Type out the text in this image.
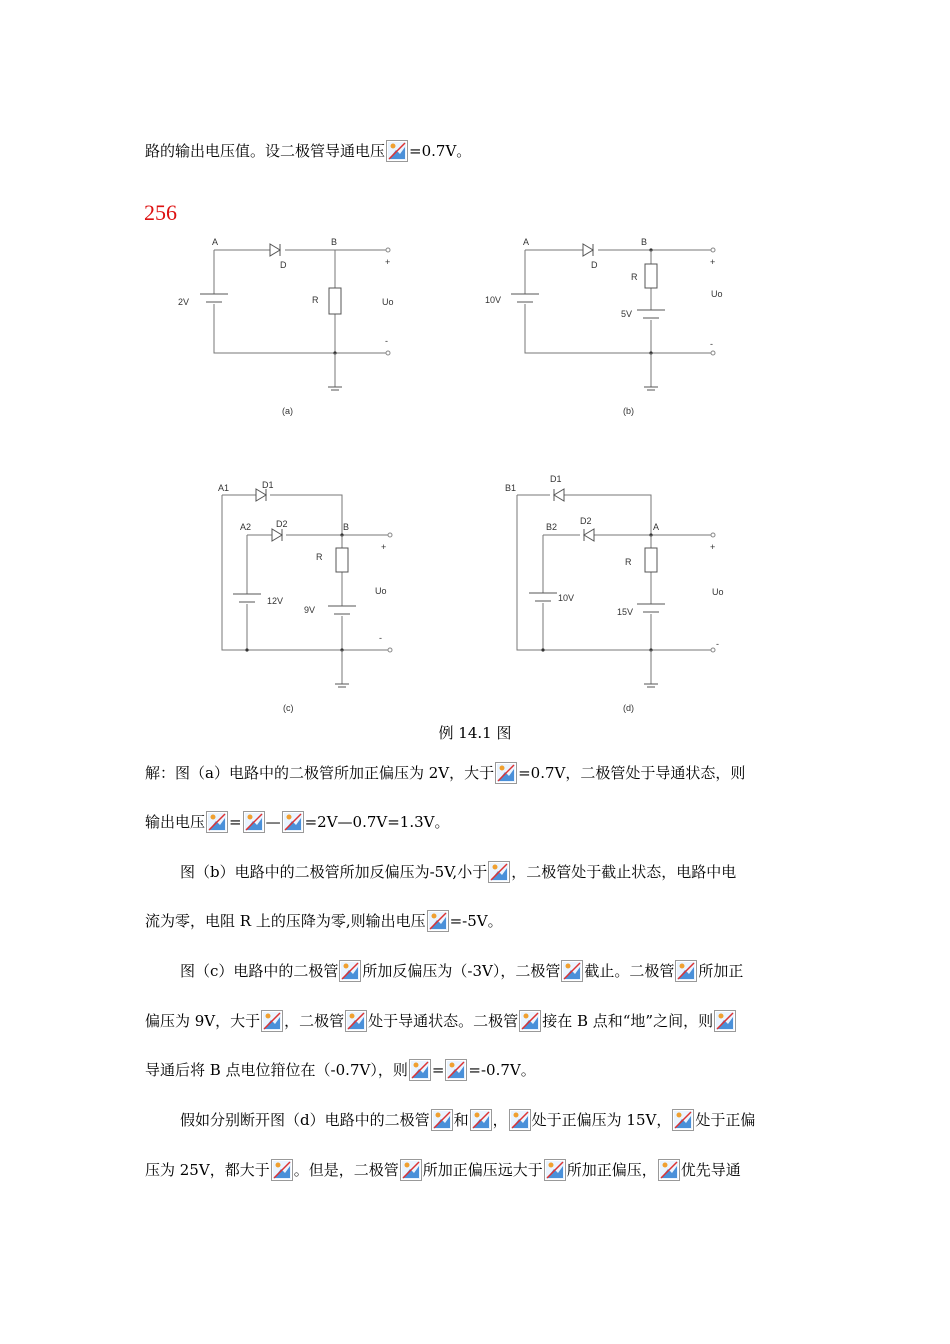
路的输出电压值。设二极管导通电压 =0.7V。
256
A	B
D
2V	R
+
-
Uo
(a)
A	B
D
10V
R
5V
+
-
Uo
(b)
A1
A2	B
D1
D2
12V
R
9V
+
-
Uo
(c)
B1
B2	A
D1
D2
10V
R
15V
+
-
Uo
(d)
例 14.1 图
解：图（a）电路中的二极管所加正偏压为 2V，大于 =0.7V，二极管处于导通状态，则
输出电压 = — =2V—0.7V=1.3V。
图（b）电路中的二极管所加反偏压为-5V,小于 ，二极管处于截止状态，电路中电
流为零，电阻 R 上的压降为零,则输出电压 =-5V。
图（c）电路中的二极管 所加反偏压为（-3V），二极管 截止。二极管 所加正
偏压为 9V，大于 ，二极管 处于导通状态。二极管 接在 B 点和“地”之间，则
导通后将 B 点电位箝位在（-0.7V），则 = =-0.7V。
假如分别断开图（d）电路中的二极管 和 ， 处于正偏压为 15V， 处于正偏
压为 25V，都大于 。但是，二极管 所加正偏压远大于 所加正偏压， 优先导通
